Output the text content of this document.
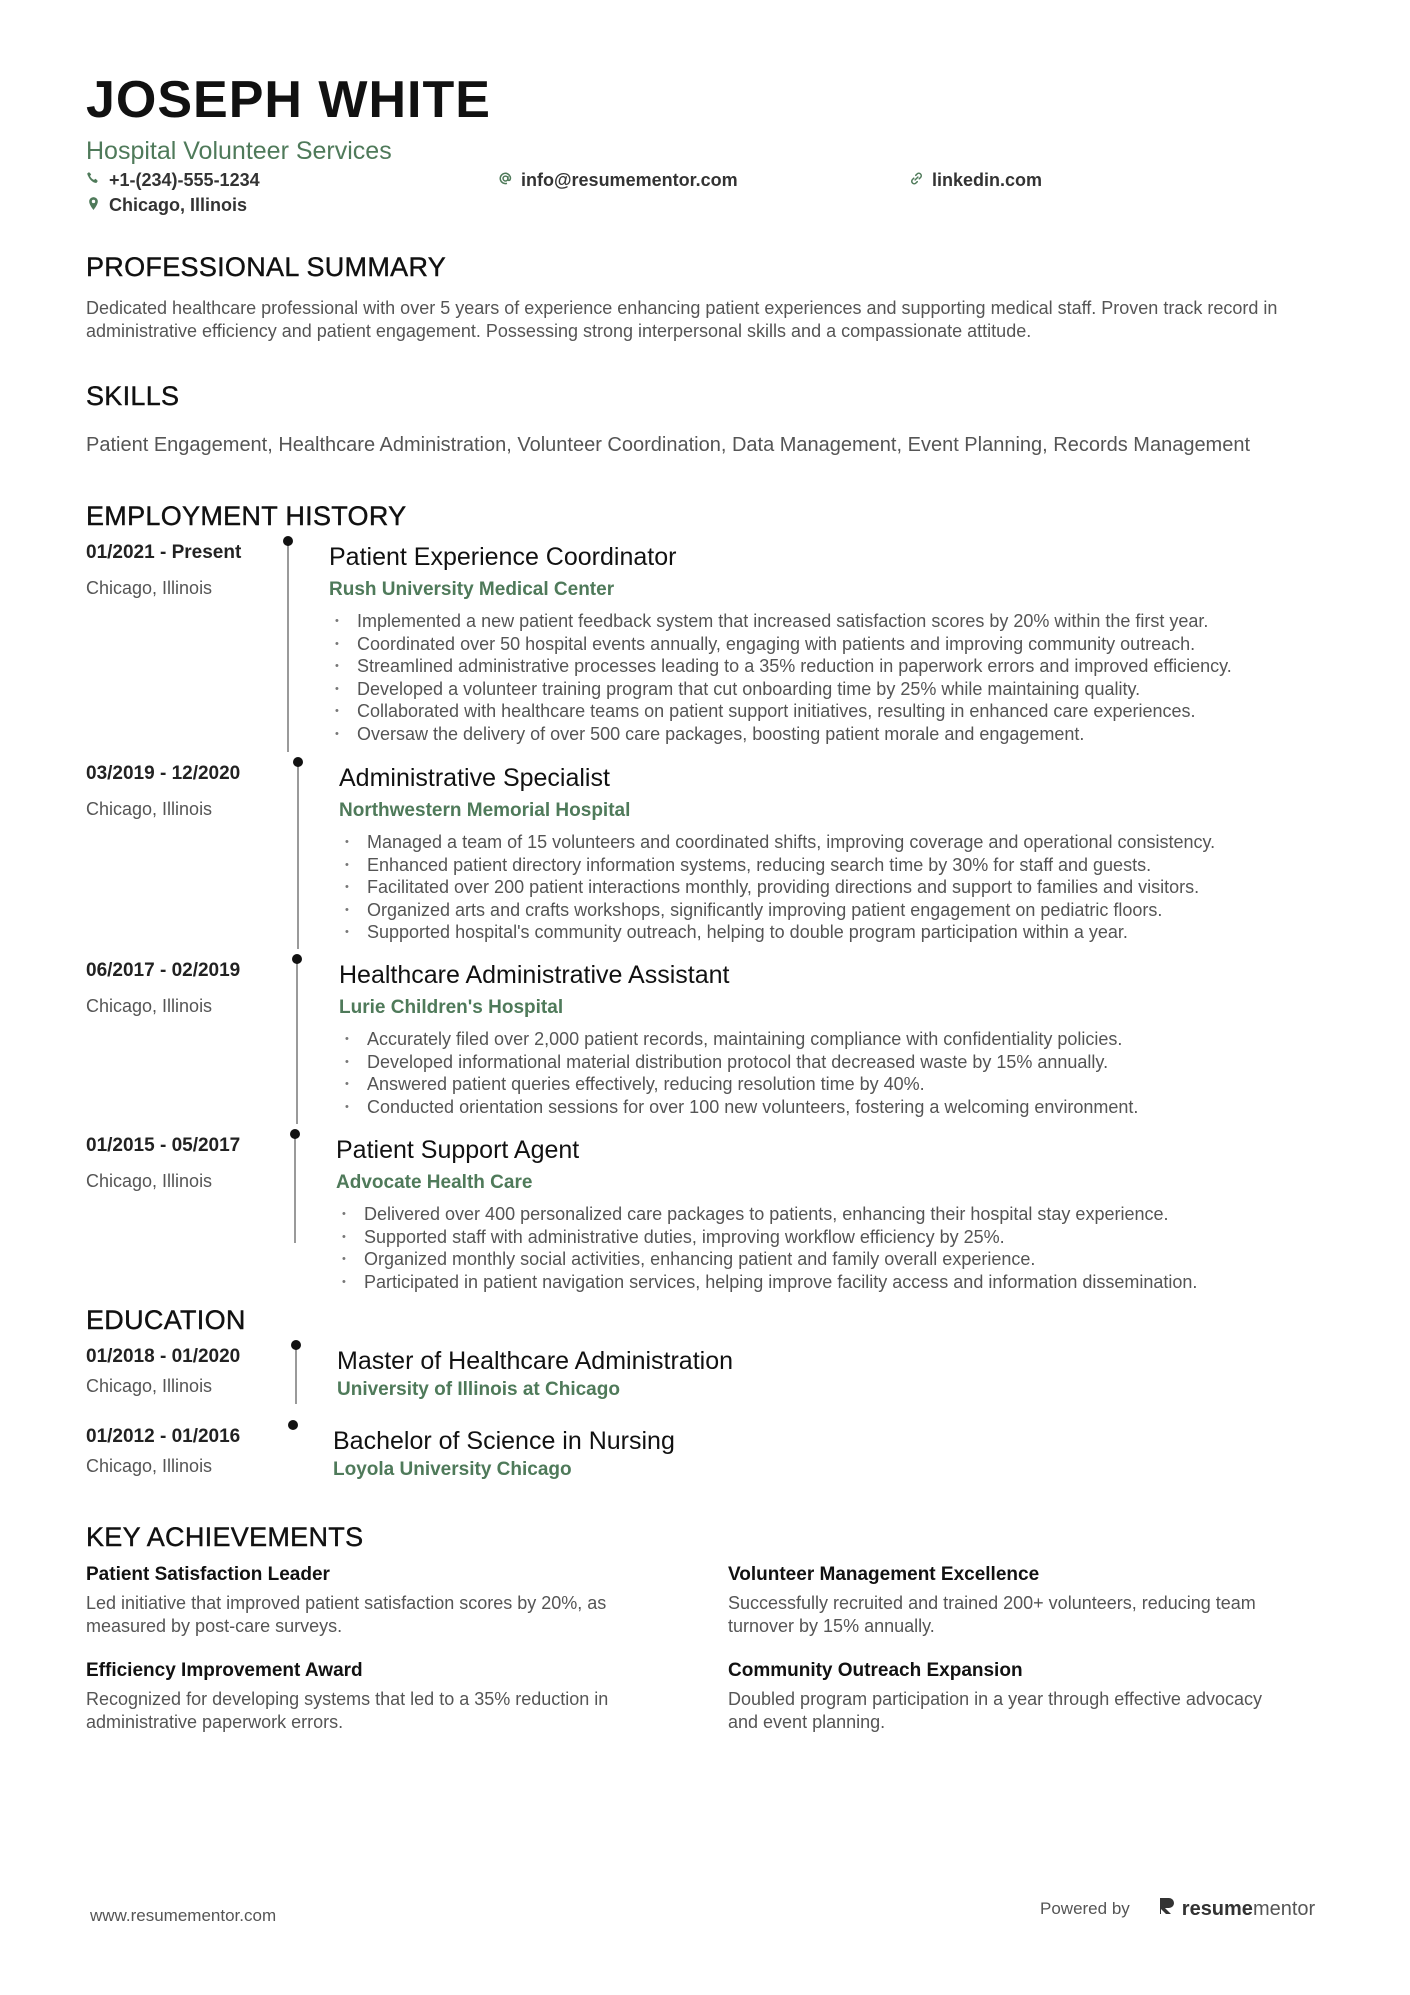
JOSEPH WHITE
Hospital Volunteer Services
+1-(234)-555-1234	info@resumementor.com	linkedin.com
Chicago, Illinois
PROFESSIONAL SUMMARY
Dedicated healthcare professional with over 5 years of experience enhancing patient experiences and supporting medical staff. Proven track record in administrative efficiency and patient engagement. Possessing strong interpersonal skills and a compassionate attitude.
SKILLS
Patient Engagement, Healthcare Administration, Volunteer Coordination, Data Management, Event Planning, Records Management
EMPLOYMENT HISTORY
01/2021 - Present
Chicago, Illinois
Patient Experience Coordinator
Rush University Medical Center
• Implemented a new patient feedback system that increased satisfaction scores by 20% within the first year.
• Coordinated over 50 hospital events annually, engaging with patients and improving community outreach.
• Streamlined administrative processes leading to a 35% reduction in paperwork errors and improved efficiency.
• Developed a volunteer training program that cut onboarding time by 25% while maintaining quality.
• Collaborated with healthcare teams on patient support initiatives, resulting in enhanced care experiences.
• Oversaw the delivery of over 500 care packages, boosting patient morale and engagement.
03/2019 - 12/2020
Chicago, Illinois
Administrative Specialist
Northwestern Memorial Hospital
• Managed a team of 15 volunteers and coordinated shifts, improving coverage and operational consistency.
• Enhanced patient directory information systems, reducing search time by 30% for staff and guests.
• Facilitated over 200 patient interactions monthly, providing directions and support to families and visitors.
• Organized arts and crafts workshops, significantly improving patient engagement on pediatric floors.
• Supported hospital's community outreach, helping to double program participation within a year.
06/2017 - 02/2019
Chicago, Illinois
Healthcare Administrative Assistant
Lurie Children's Hospital
• Accurately filed over 2,000 patient records, maintaining compliance with confidentiality policies.
• Developed informational material distribution protocol that decreased waste by 15% annually.
• Answered patient queries effectively, reducing resolution time by 40%.
• Conducted orientation sessions for over 100 new volunteers, fostering a welcoming environment.
01/2015 - 05/2017
Chicago, Illinois
Patient Support Agent
Advocate Health Care
• Delivered over 400 personalized care packages to patients, enhancing their hospital stay experience.
• Supported staff with administrative duties, improving workflow efficiency by 25%.
• Organized monthly social activities, enhancing patient and family overall experience.
• Participated in patient navigation services, helping improve facility access and information dissemination.
EDUCATION
01/2018 - 01/2020
Chicago, Illinois
Master of Healthcare Administration
University of Illinois at Chicago
01/2012 - 01/2016
Chicago, Illinois
Bachelor of Science in Nursing
Loyola University Chicago
KEY ACHIEVEMENTS
Patient Satisfaction Leader
Led initiative that improved patient satisfaction scores by 20%, as measured by post-care surveys.
Volunteer Management Excellence
Successfully recruited and trained 200+ volunteers, reducing team turnover by 15% annually.
Efficiency Improvement Award
Recognized for developing systems that led to a 35% reduction in administrative paperwork errors.
Community Outreach Expansion
Doubled program participation in a year through effective advocacy and event planning.
www.resumementor.com	Powered by	resume mentor
